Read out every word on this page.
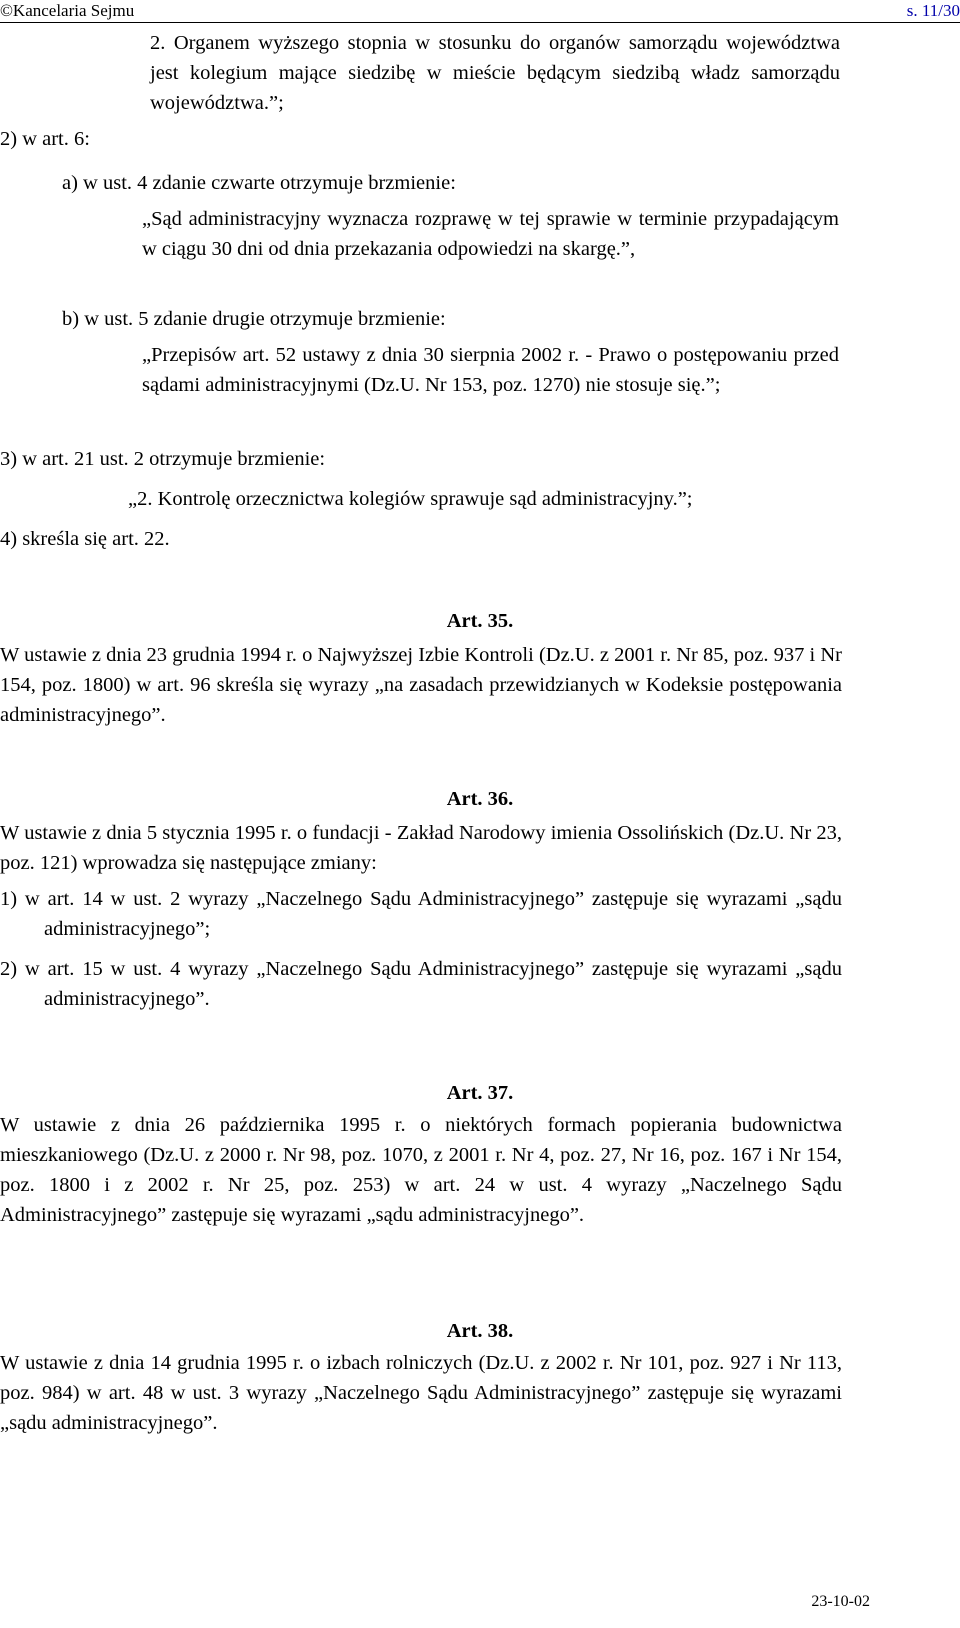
©Kancelaria Sejmu	s. 11/30

2. Organem wyższego stopnia w stosunku do organów samorządu województwa jest kolegium mające siedzibę w mieście będącym siedzibą władz samorządu województwa.”;

2) w art. 6:

a) w ust. 4 zdanie czwarte otrzymuje brzmienie:

„Sąd administracyjny wyznacza rozprawę w tej sprawie w terminie przypadającym w ciągu 30 dni od dnia przekazania odpowiedzi na skargę.”,

b) w ust. 5 zdanie drugie otrzymuje brzmienie:

„Przepisów art. 52 ustawy z dnia 30 sierpnia 2002 r. - Prawo o postępowaniu przed sądami administracyjnymi (Dz.U. Nr 153, poz. 1270) nie stosuje się.”;

3) w art. 21 ust. 2 otrzymuje brzmienie:

„2. Kontrolę orzecznictwa kolegiów sprawuje sąd administracyjny.”;

4) skreśla się art. 22.

Art. 35.

W ustawie z dnia 23 grudnia 1994 r. o Najwyższej Izbie Kontroli (Dz.U. z 2001 r. Nr 85, poz. 937 i Nr 154, poz. 1800) w art. 96 skreśla się wyrazy „na zasadach przewidzianych w Kodeksie postępowania administracyjnego”.

Art. 36.

W ustawie z dnia 5 stycznia 1995 r. o fundacji - Zakład Narodowy imienia Ossolińskich (Dz.U. Nr 23, poz. 121) wprowadza się następujące zmiany:

1) w art. 14 w ust. 2 wyrazy „Naczelnego Sądu Administracyjnego” zastępuje się wyrazami „sądu administracyjnego”;

2) w art. 15 w ust. 4 wyrazy „Naczelnego Sądu Administracyjnego” zastępuje się wyrazami „sądu administracyjnego”.

Art. 37.

W ustawie z dnia 26 października 1995 r. o niektórych formach popierania budownictwa mieszkaniowego (Dz.U. z 2000 r. Nr 98, poz. 1070, z 2001 r. Nr 4, poz. 27, Nr 16, poz. 167 i Nr 154, poz. 1800 i z 2002 r. Nr 25, poz. 253) w art. 24 w ust. 4 wyrazy „Naczelnego Sądu Administracyjnego” zastępuje się wyrazami „sądu administracyjnego”.

Art. 38.

W ustawie z dnia 14 grudnia 1995 r. o izbach rolniczych (Dz.U. z 2002 r. Nr 101, poz. 927 i Nr 113, poz. 984) w art. 48 w ust. 3 wyrazy „Naczelnego Sądu Administracyjnego” zastępuje się wyrazami „sądu administracyjnego”.

23-10-02
